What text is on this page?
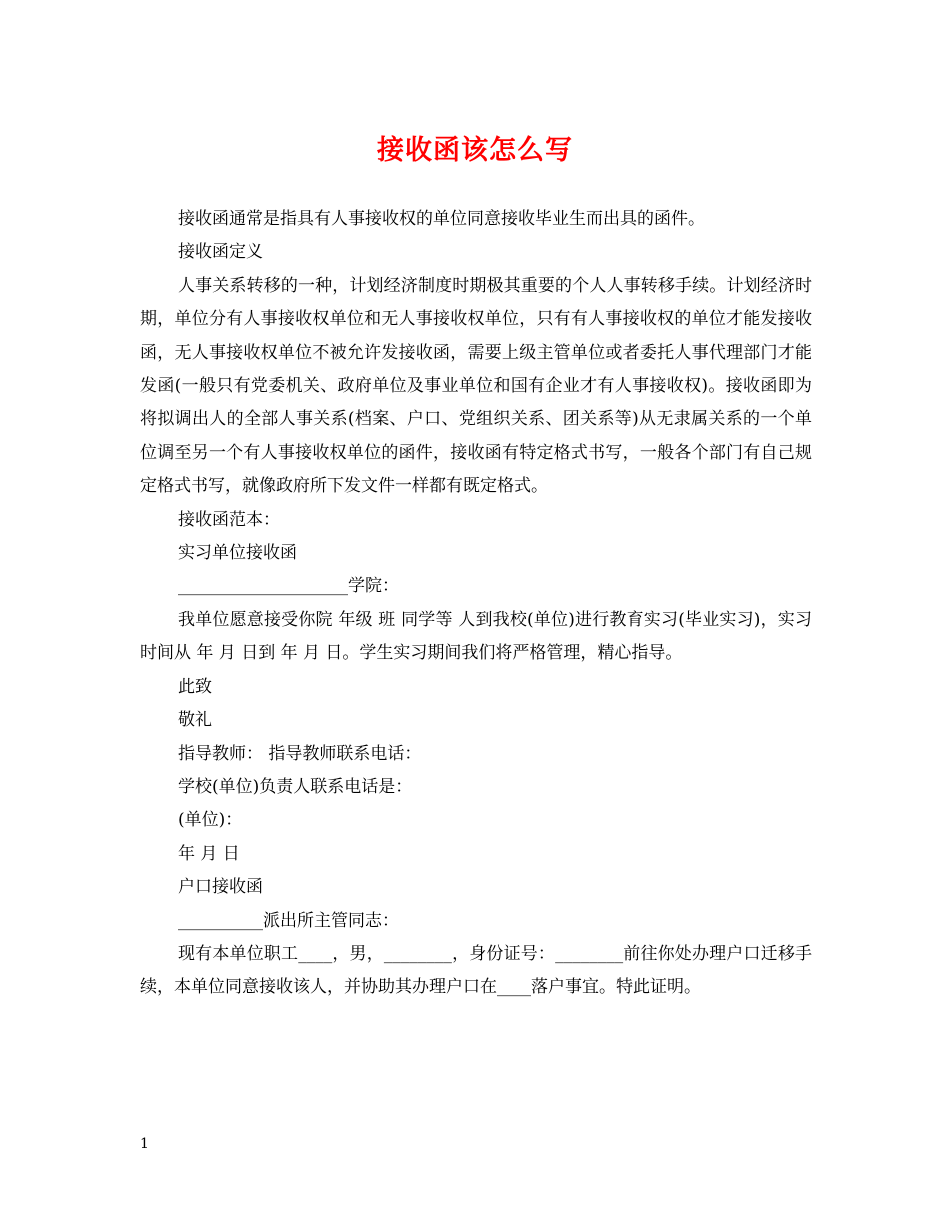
接收函该怎么写

接收函通常是指具有人事接收权的单位同意接收毕业生而出具的函件。

接收函定义

人事关系转移的一种，计划经济制度时期极其重要的个人人事转移手续。计划经济时期，单位分有人事接收权单位和无人事接收权单位，只有有人事接收权的单位才能发接收函，无人事接收权单位不被允许发接收函，需要上级主管单位或者委托人事代理部门才能发函(一般只有党委机关、政府单位及事业单位和国有企业才有人事接收权)。接收函即为将拟调出人的全部人事关系(档案、户口、党组织关系、团关系等)从无隶属关系的一个单位调至另一个有人事接收权单位的函件，接收函有特定格式书写，一般各个部门有自己规定格式书写，就像政府所下发文件一样都有既定格式。

接收函范本：

实习单位接收函

____________________学院：

我单位愿意接受你院 年级 班 同学等 人到我校(单位)进行教育实习(毕业实习)，实习时间从 年 月 日到 年 月 日。学生实习期间我们将严格管理，精心指导。

此致

敬礼

指导教师： 指导教师联系电话：

学校(单位)负责人联系电话是：

(单位)：

年 月 日

户口接收函

__________派出所主管同志：

现有本单位职工____，男，________，身份证号：________前往你处办理户口迁移手续，本单位同意接收该人，并协助其办理户口在____落户事宜。特此证明。

1
